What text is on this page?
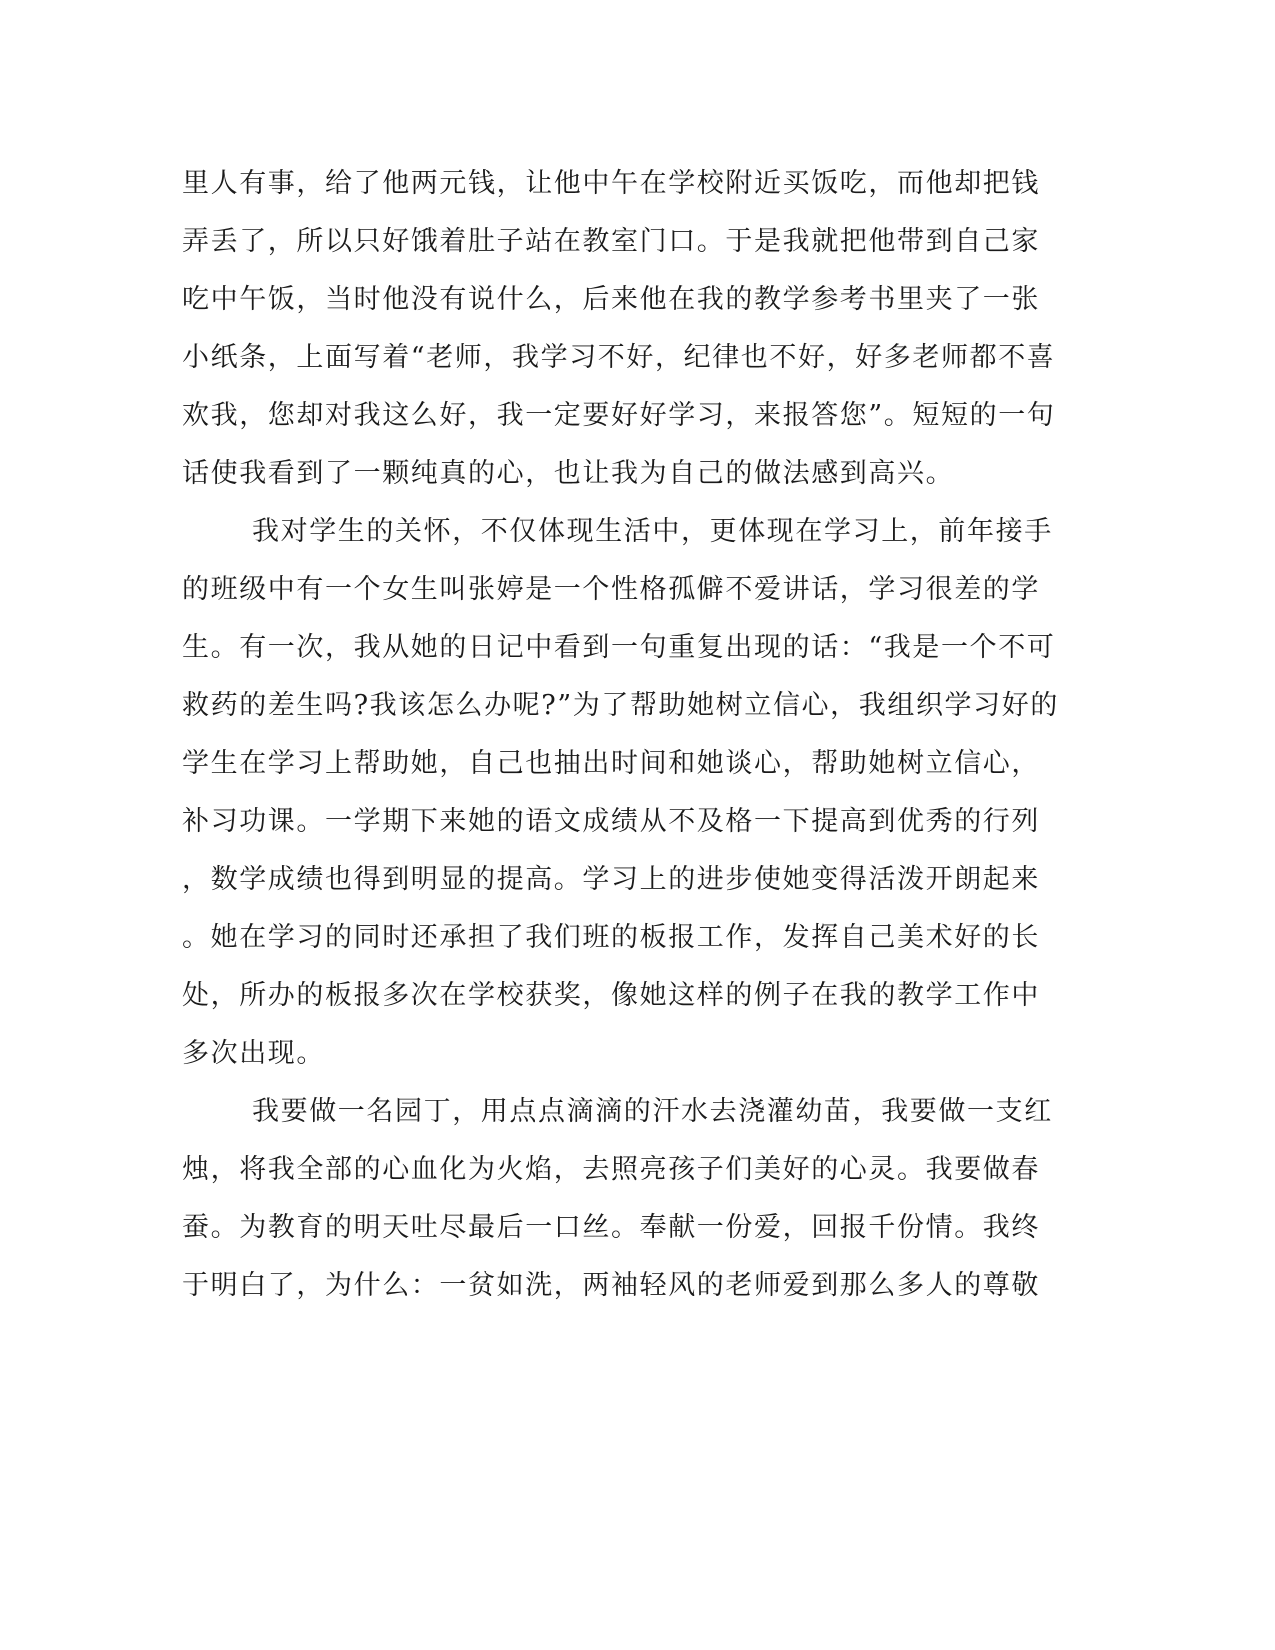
里人有事，给了他两元钱，让他中午在学校附近买饭吃，而他却把钱
弄丢了，所以只好饿着肚子站在教室门口。于是我就把他带到自己家
吃中午饭，当时他没有说什么，后来他在我的教学参考书里夹了一张
小纸条，上面写着“老师，我学习不好，纪律也不好，好多老师都不喜
欢我，您却对我这么好，我一定要好好学习，来报答您”。短短的一句
话使我看到了一颗纯真的心，也让我为自己的做法感到高兴。
我对学生的关怀，不仅体现生活中，更体现在学习上，前年接手
的班级中有一个女生叫张婷是一个性格孤僻不爱讲话，学习很差的学
生。有一次，我从她的日记中看到一句重复出现的话：“我是一个不可
救药的差生吗?我该怎么办呢?”为了帮助她树立信心，我组织学习好的
学生在学习上帮助她，自己也抽出时间和她谈心，帮助她树立信心，
补习功课。一学期下来她的语文成绩从不及格一下提高到优秀的行列
，数学成绩也得到明显的提高。学习上的进步使她变得活泼开朗起来
。她在学习的同时还承担了我们班的板报工作，发挥自己美术好的长
处，所办的板报多次在学校获奖，像她这样的例子在我的教学工作中
多次出现。
我要做一名园丁，用点点滴滴的汗水去浇灌幼苗，我要做一支红
烛，将我全部的心血化为火焰，去照亮孩子们美好的心灵。我要做春
蚕。为教育的明天吐尽最后一口丝。奉献一份爱，回报千份情。我终
于明白了，为什么：一贫如洗，两袖轻风的老师爱到那么多人的尊敬
